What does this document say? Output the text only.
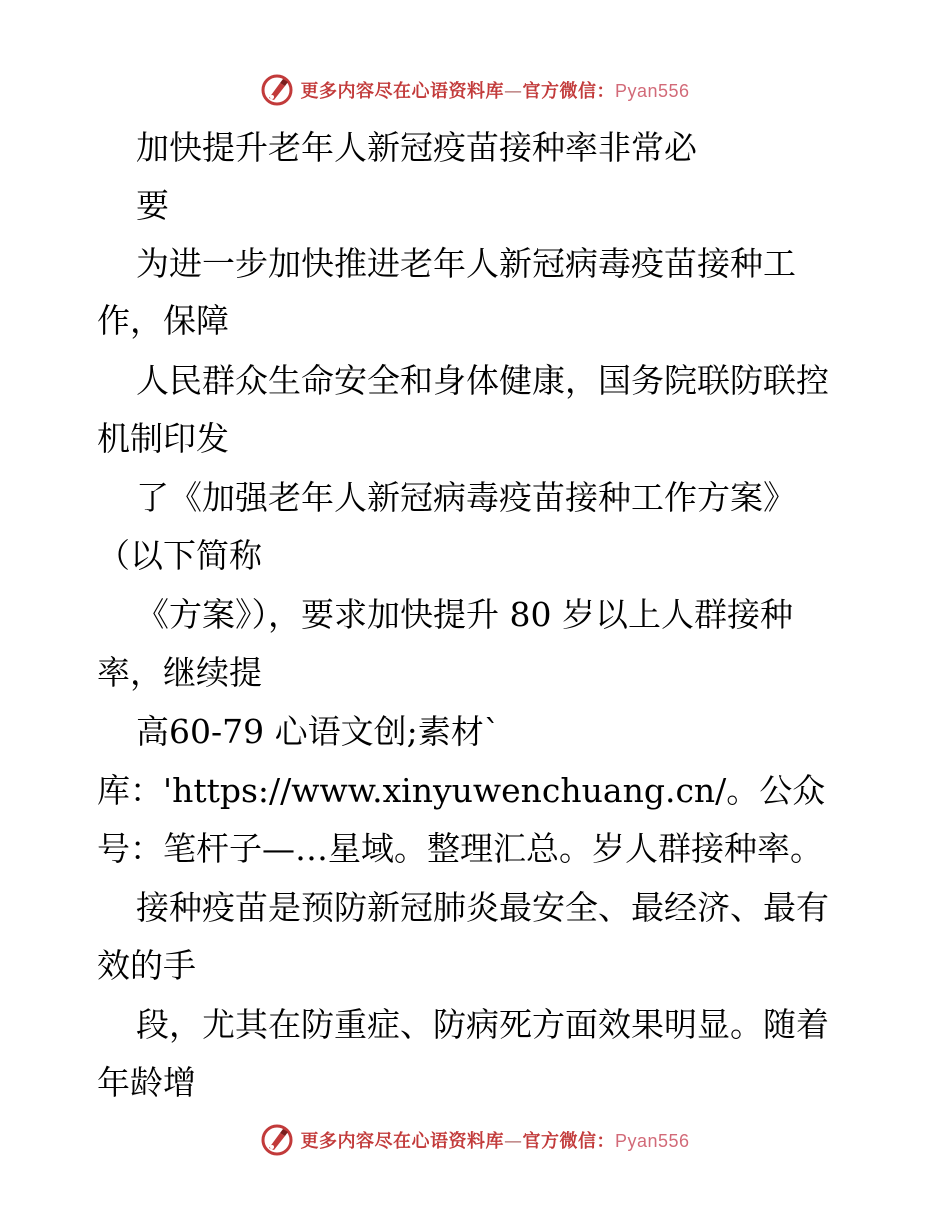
更多内容尽在心语资料库—官方微信：Pyan556
加快提升老年人新冠疫苗接种率非常必
要
为进一步加快推进老年人新冠病毒疫苗接种工
作，保障
人民群众生命安全和身体健康，国务院联防联控
机制印发
了《加强老年人新冠病毒疫苗接种工作方案》
（以下简称
《方案》），要求加快提升 80 岁以上人群接种
率，继续提
高60-79 心语文创;素材`
库：'https://www.xinyuwenchuang.cn/。公众
号：笔杆子—…星域。整理汇总。岁人群接种率。
接种疫苗是预防新冠肺炎最安全、最经济、最有
效的手
段，尤其在防重症、防病死方面效果明显。随着
年龄增
更多内容尽在心语资料库—官方微信：Pyan556
